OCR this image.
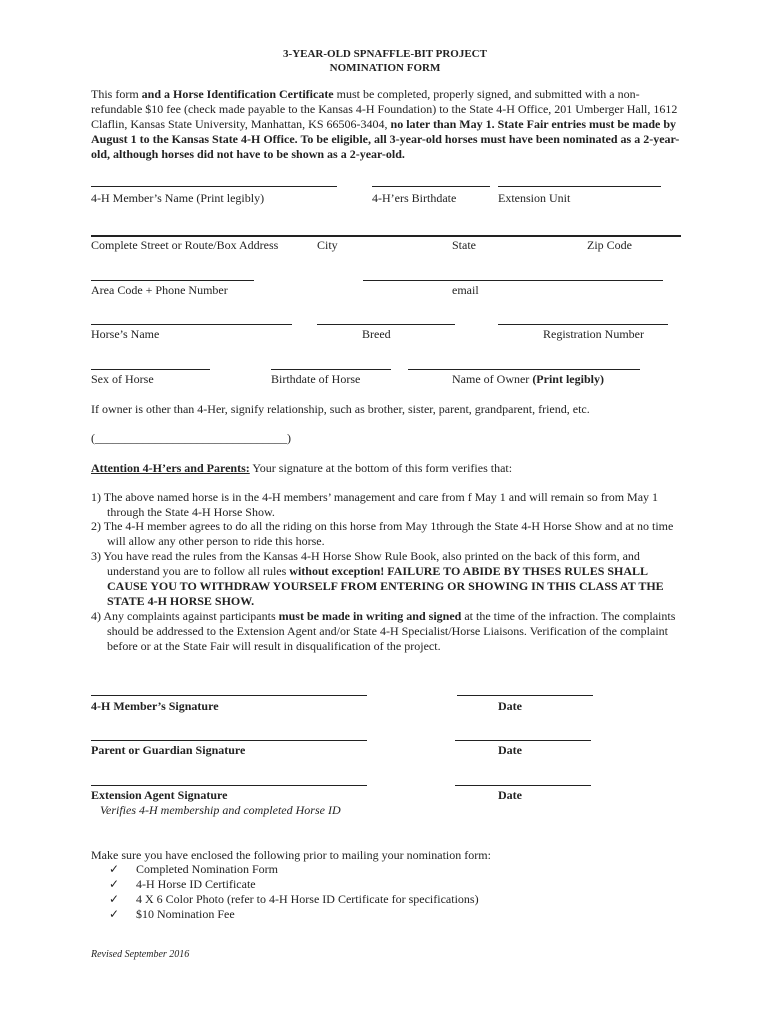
3-YEAR-OLD SPNAFFLE-BIT PROJECT
NOMINATION FORM
This form and a Horse Identification Certificate must be completed, properly signed, and submitted with a non-refundable $10 fee (check made payable to the Kansas 4-H Foundation) to the State 4-H Office, 201 Umberger Hall, 1612 Claflin, Kansas State University, Manhattan, KS 66506-3404, no later than May 1. State Fair entries must be made by August 1 to the Kansas State 4-H Office. To be eligible, all 3-year-old horses must have been nominated as a 2-year-old, although horses did not have to be shown as a 2-year-old.
4-H Member’s Name (Print legibly)	4-H’ers Birthdate	Extension Unit
Complete Street or Route/Box Address	City	State	Zip Code
Area Code + Phone Number	email
Horse’s Name	Breed	Registration Number
Sex of Horse	Birthdate of Horse	Name of Owner (Print legibly)
If owner is other than 4-Her, signify relationship, such as brother, sister, parent, grandparent, friend, etc.
(________________________________)
Attention 4-H’ers and Parents: Your signature at the bottom of this form verifies that:
1) The above named horse is in the 4-H members’ management and care from f May 1 and will remain so from May 1 through the State 4-H Horse Show.
2) The 4-H member agrees to do all the riding on this horse from May 1through the State 4-H Horse Show and at no time will allow any other person to ride this horse.
3) You have read the rules from the Kansas 4-H Horse Show Rule Book, also printed on the back of this form, and understand you are to follow all rules without exception! FAILURE TO ABIDE BY THSES RULES SHALL CAUSE YOU TO WITHDRAW YOURSELF FROM ENTERING OR SHOWING IN THIS CLASS AT THE STATE 4-H HORSE SHOW.
4) Any complaints against participants must be made in writing and signed at the time of the infraction. The complaints should be addressed to the Extension Agent and/or State 4-H Specialist/Horse Liaisons. Verification of the complaint before or at the State Fair will result in disqualification of the project.
4-H Member’s Signature	Date
Parent or Guardian Signature	Date
Extension Agent Signature	Date
Verifies 4-H membership and completed Horse ID
Make sure you have enclosed the following prior to mailing your nomination form:
✓ Completed Nomination Form
✓ 4-H Horse ID Certificate
✓ 4 X 6 Color Photo (refer to 4-H Horse ID Certificate for specifications)
✓ $10 Nomination Fee
Revised September 2016
